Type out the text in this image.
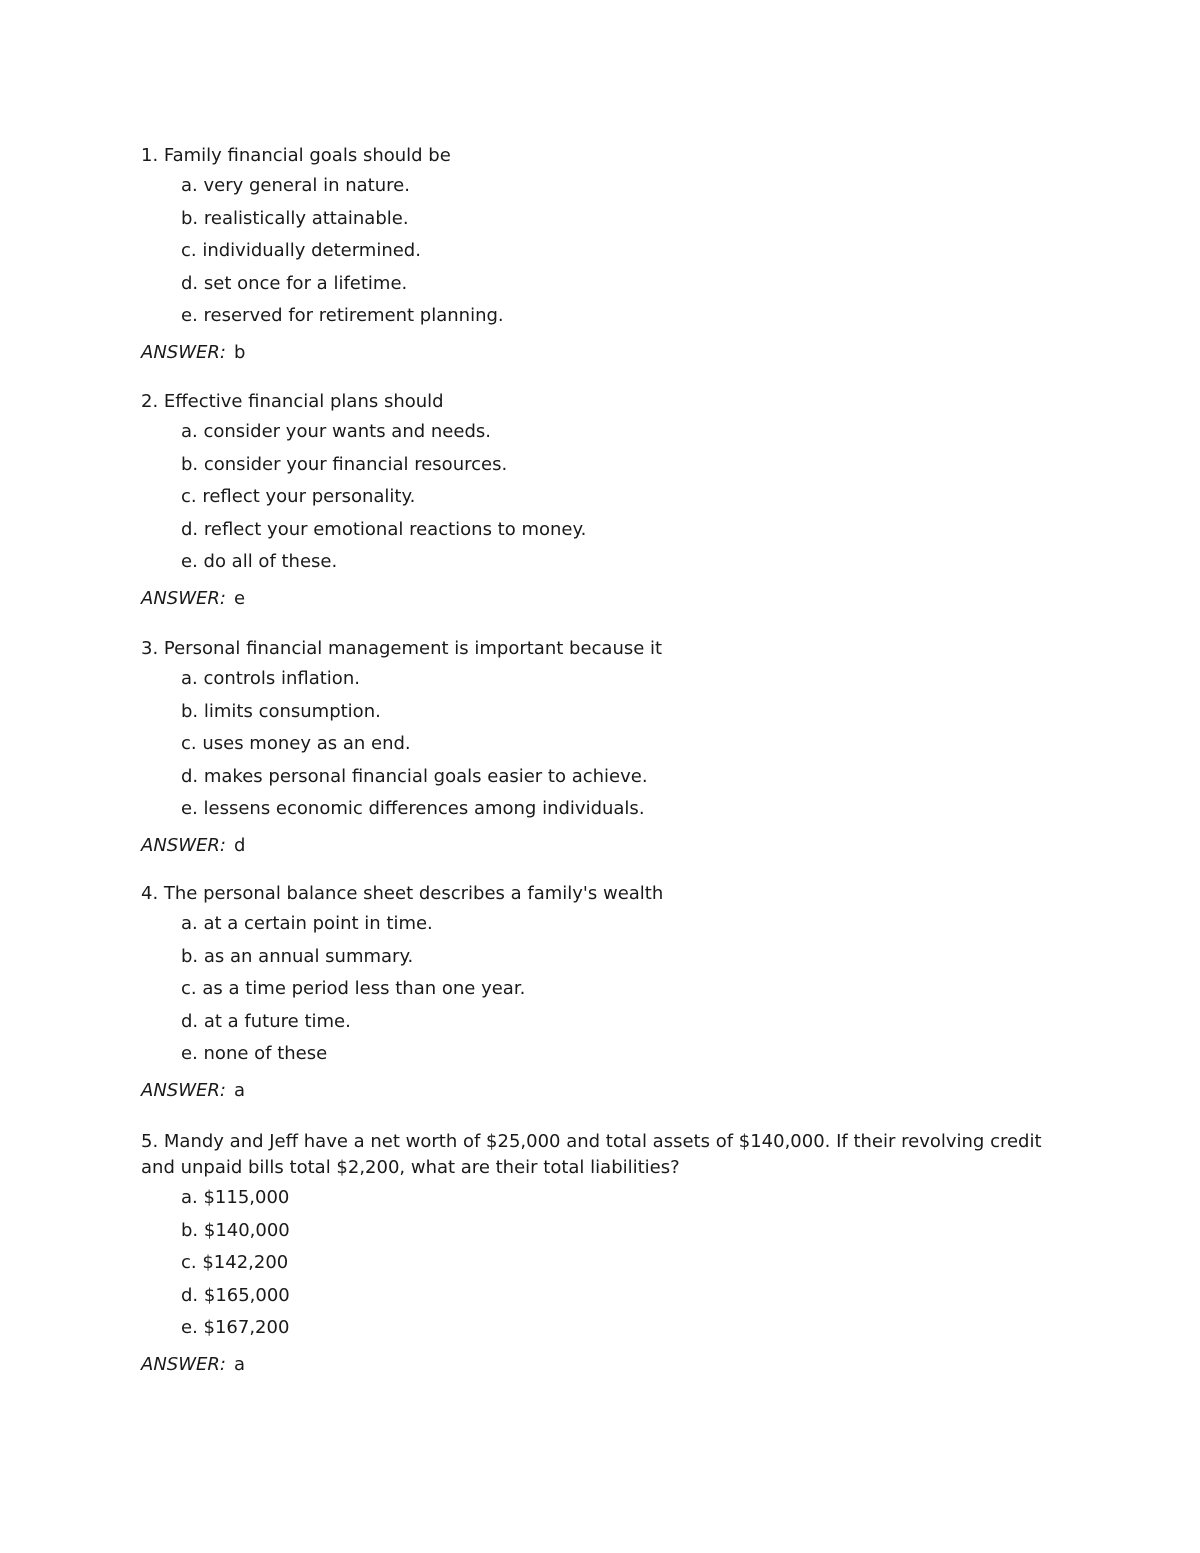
1. Family financial goals should be

a. very general in nature.
b. realistically attainable.
c. individually determined.
d. set once for a lifetime.
e. reserved for retirement planning.

ANSWER: b

2. Effective financial plans should

a. consider your wants and needs.
b. consider your financial resources.
c. reflect your personality.
d. reflect your emotional reactions to money.
e. do all of these.

ANSWER: e

3. Personal financial management is important because it

a. controls inflation.
b. limits consumption.
c. uses money as an end.
d. makes personal financial goals easier to achieve.
e. lessens economic differences among individuals.

ANSWER: d

4. The personal balance sheet describes a family's wealth

a. at a certain point in time.
b. as an annual summary.
c. as a time period less than one year.
d. at a future time.
e. none of these

ANSWER: a

5. Mandy and Jeff have a net worth of $25,000 and total assets of $140,000. If their revolving credit and unpaid bills total $2,200, what are their total liabilities?

a. $115,000
b. $140,000
c. $142,200
d. $165,000
e. $167,200

ANSWER: a
